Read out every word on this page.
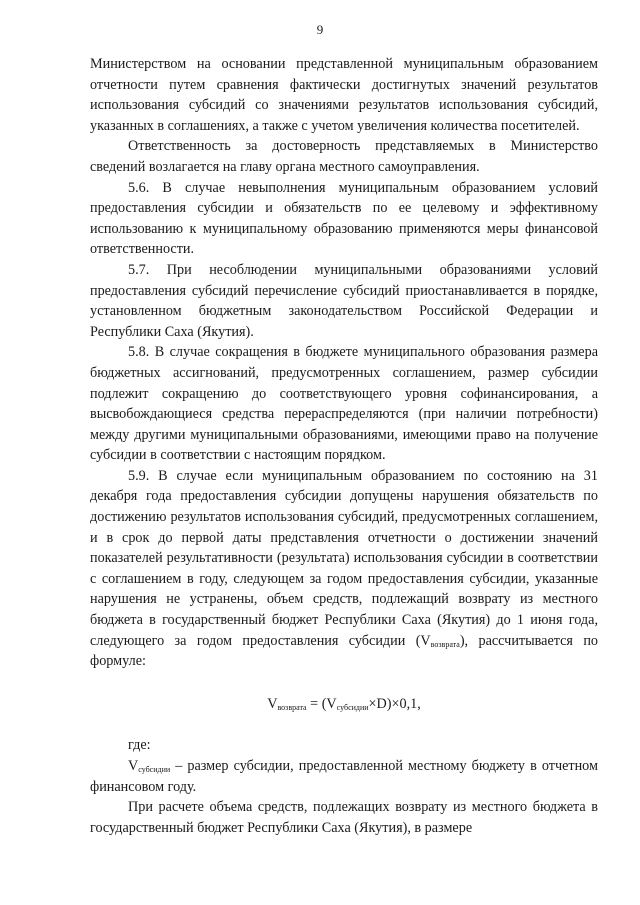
9

Министерством на основании представленной муниципальным образованием отчетности путем сравнения фактически достигнутых значений результатов использования субсидий со значениями результатов использования субсидий, указанных в соглашениях, а также с учетом увеличения количества посетителей.

Ответственность за достоверность представляемых в Министерство сведений возлагается на главу органа местного самоуправления.

5.6. В случае невыполнения муниципальным образованием условий предоставления субсидии и обязательств по ее целевому и эффективному использованию к муниципальному образованию применяются меры финансовой ответственности.

5.7. При несоблюдении муниципальными образованиями условий предоставления субсидий перечисление субсидий приостанавливается в порядке, установленном бюджетным законодательством Российской Федерации и Республики Саха (Якутия).

5.8. В случае сокращения в бюджете муниципального образования размера бюджетных ассигнований, предусмотренных соглашением, размер субсидии подлежит сокращению до соответствующего уровня софинансирования, а высвобождающиеся средства перераспределяются (при наличии потребности) между другими муниципальными образованиями, имеющими право на получение субсидии в соответствии с настоящим порядком.

5.9. В случае если муниципальным образованием по состоянию на 31 декабря года предоставления субсидии допущены нарушения обязательств по достижению результатов использования субсидий, предусмотренных соглашением, и в срок до первой даты представления отчетности о достижении значений показателей результативности (результата) использования субсидии в соответствии с соглашением в году, следующем за годом предоставления субсидии, указанные нарушения не устранены, объем средств, подлежащий возврату из местного бюджета в государственный бюджет Республики Саха (Якутия) до 1 июня года, следующего за годом предоставления субсидии $(V_{возврата})$, рассчитывается по формуле:

$V_{возврата} = (V_{субсидии}\times D)\times 0,1$,

где:

$V_{субсидии}$ – размер субсидии, предоставленной местному бюджету в отчетном финансовом году.

При расчете объема средств, подлежащих возврату из местного бюджета в государственный бюджет Республики Саха (Якутия), в размере
